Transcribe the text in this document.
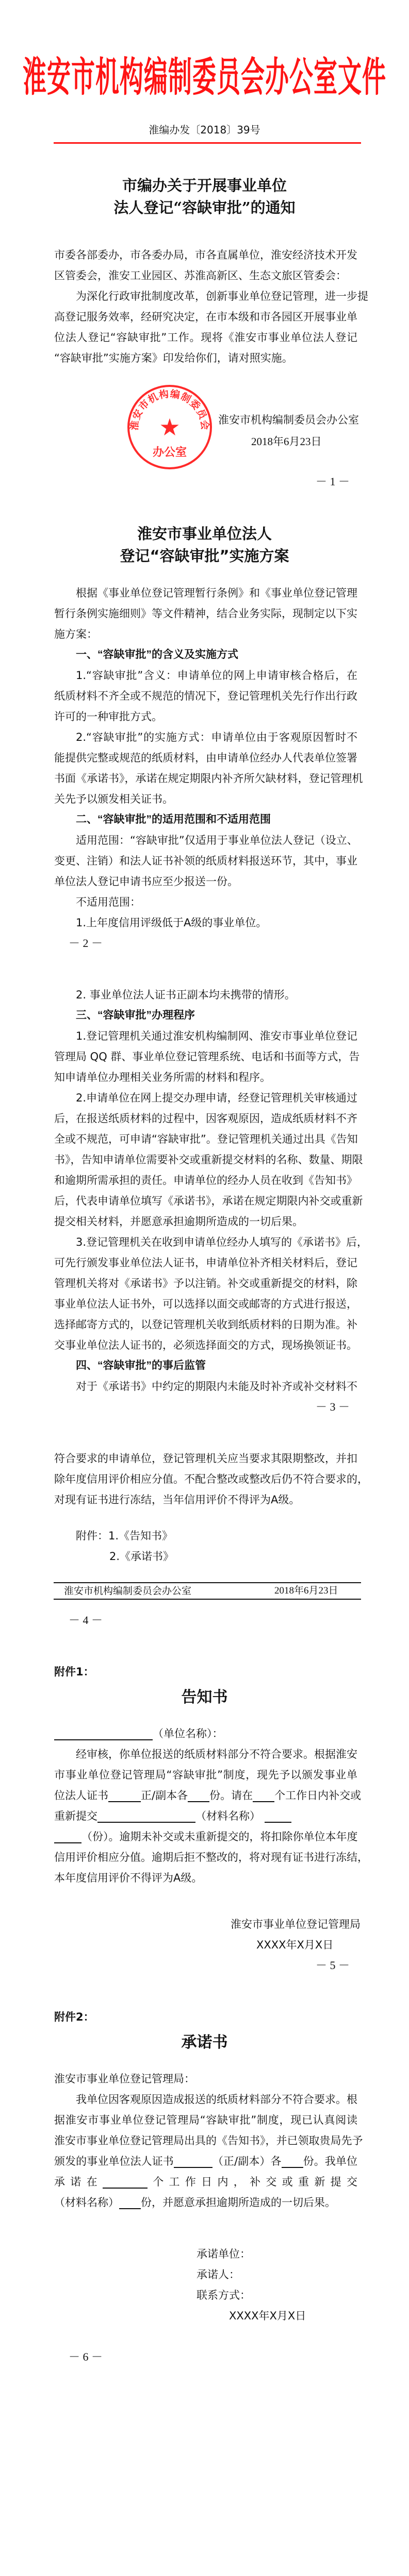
淮安市机构编制委员会办公室文件
淮编办发〔2018〕39号
市编办关于开展事业单位
法人登记“容缺审批”的通知
市委各部委办，市各委办局，市各直属单位，淮安经济技术开发
区管委会，淮安工业园区、苏淮高新区、生态文旅区管委会：
为深化行政审批制度改革，创新事业单位登记管理，进一步提
高登记服务效率，经研究决定，在市本级和市各园区开展事业单
位法人登记“容缺审批”工作。现将《淮安市事业单位法人登记
“容缺审批”实施方案》印发给你们，请对照实施。
淮安市机构编制委员会
★
办公室
淮安市机构编制委员会办公室
2018年6月23日
－ 1 －
淮安市事业单位法人
登记“容缺审批”实施方案
根据《事业单位登记管理暂行条例》和《事业单位登记管理
暂行条例实施细则》等文件精神，结合业务实际，现制定以下实
施方案：
一、“容缺审批”的含义及实施方式
1.“容缺审批”含义：申请单位的网上申请审核合格后，在
纸质材料不齐全或不规范的情况下，登记管理机关先行作出行政
许可的一种审批方式。
2.“容缺审批”的实施方式：申请单位由于客观原因暂时不
能提供完整或规范的纸质材料，由申请单位经办人代表单位签署
书面《承诺书》，承诺在规定期限内补齐所欠缺材料，登记管理机
关先予以颁发相关证书。
二、“容缺审批”的适用范围和不适用范围
适用范围：“容缺审批”仅适用于事业单位法人登记（设立、
变更、注销）和法人证书补领的纸质材料报送环节，其中，事业
单位法人登记申请书应至少报送一份。
不适用范围：
1.上年度信用评级低于A级的事业单位。
－ 2 －
2. 事业单位法人证书正副本均未携带的情形。
三、“容缺审批”办理程序
1.登记管理机关通过淮安机构编制网、淮安市事业单位登记
管理局 QQ 群、事业单位登记管理系统、电话和书面等方式，告
知申请单位办理相关业务所需的材料和程序。
2.申请单位在网上提交办理申请，经登记管理机关审核通过
后，在报送纸质材料的过程中，因客观原因，造成纸质材料不齐
全或不规范，可申请“容缺审批”。登记管理机关通过出具《告知
书》，告知申请单位需要补交或重新提交材料的名称、数量、期限
和逾期所需承担的责任。申请单位的经办人员在收到《告知书》
后，代表申请单位填写《承诺书》，承诺在规定期限内补交或重新
提交相关材料，并愿意承担逾期所造成的一切后果。
3.登记管理机关在收到申请单位经办人填写的《承诺书》后，
可先行颁发事业单位法人证书，申请单位补齐相关材料后，登记
管理机关将对《承诺书》予以注销。补交或重新提交的材料，除
事业单位法人证书外，可以选择以面交或邮寄的方式进行报送，
选择邮寄方式的，以登记管理机关收到纸质材料的日期为准。补
交事业单位法人证书的，必须选择面交的方式，现场换领证书。
四、“容缺审批”的事后监管
对于《承诺书》中约定的期限内未能及时补齐或补交材料不
－ 3 －
符合要求的申请单位，登记管理机关应当要求其限期整改，并扣
除年度信用评价相应分值。不配合整改或整改后仍不符合要求的，
对现有证书进行冻结，当年信用评价不得评为A级。
附件：1.《告知书》
2.《承诺书》
淮安市机构编制委员会办公室	2018年6月23日
－ 4 －
附件1：
告知书
（单位名称）：
经审核，你单位报送的纸质材料部分不符合要求。根据淮安
市事业单位登记管理局“容缺审批”制度，现先予以颁发事业单
位法人证书	正/副本各 份。请在 个工作日内补交或
重新提交	（材料名称）
（份）。逾期未补交或未重新提交的，将扣除你单位本年度
信用评价相应分值。逾期后拒不整改的，将对现有证书进行冻结，
本年度信用评价不得评为A级。
淮安市事业单位登记管理局
XXXX年X月X日
－ 5 －
附件2：
承诺书
淮安市事业单位登记管理局：
我单位因客观原因造成报送的纸质材料部分不符合要求。根
据淮安市事业单位登记管理局“容缺审批”制度，现已认真阅读
淮安市事业单位登记管理局出具的《告知书》，并已领取贵局先予
颁发的事业单位法人证书	（正/副本）各 份。我单位
承诺在	个工作日内，补交或重新提交
（材料名称） 份，并愿意承担逾期所造成的一切后果。
承诺单位：
承诺人：
联系方式：
XXXX年X月X日
－ 6 －
